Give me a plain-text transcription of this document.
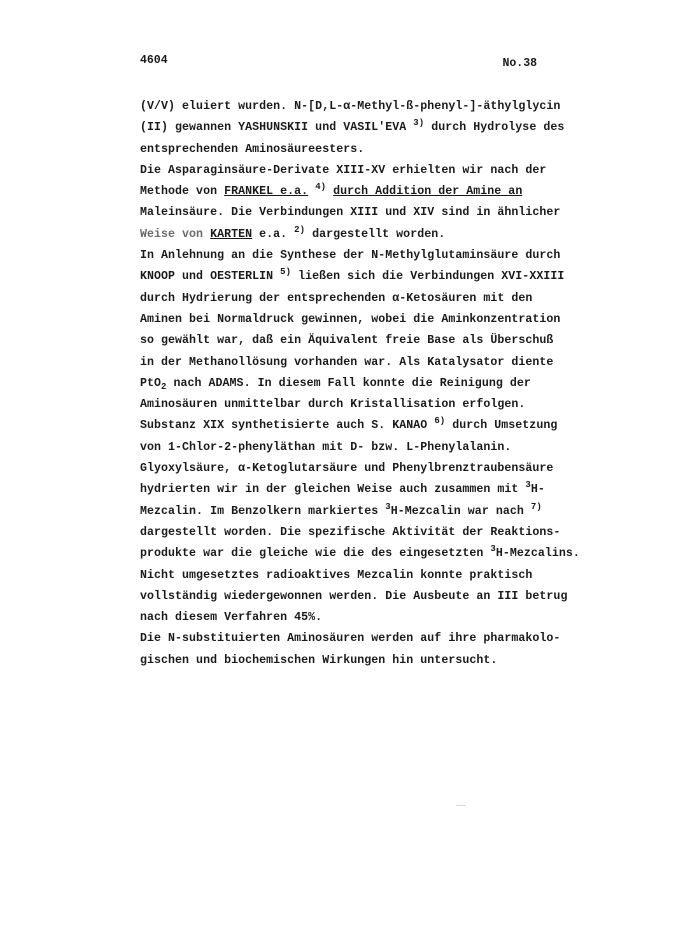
4604	No.38
(V/V) eluiert wurden. N-[D,L-α-Methyl-ß-phenyl-]-äthylglycin
(II) gewannen YASHUNSKII und VASIL'EVA $^{3)}$ durch Hydrolyse des
entsprechenden Aminosäureesters.
Die Asparaginsäure-Derivate XIII-XV erhielten wir nach der
Methode von FRANKEL e.a. $^{4)}$ durch Addition der Amine an
Maleinsäure. Die Verbindungen XIII und XIV sind in ähnlicher
Weise von KARTEN e.a. $^{2)}$ dargestellt worden.
In Anlehnung an die Synthese der N-Methylglutaminsäure durch
KNOOP und OESTERLIN $^{5)}$ ließen sich die Verbindungen XVI-XXIII
durch Hydrierung der entsprechenden α-Ketosäuren mit den
Aminen bei Normaldruck gewinnen, wobei die Aminkonzentration
so gewählt war, daß ein Äquivalent freie Base als Überschuß
in der Methanollösung vorhanden war. Als Katalysator diente
PtO$_2$ nach ADAMS. In diesem Fall konnte die Reinigung der
Aminosäuren unmittelbar durch Kristallisation erfolgen.
Substanz XIX synthetisierte auch S. KANAO $^{6)}$ durch Umsetzung
von 1-Chlor-2-phenyläthan mit D- bzw. L-Phenylalanin.
Glyoxylsäure, α-Ketoglutarsäure und Phenylbrenztraubensäure
hydrierten wir in der gleichen Weise auch zusammen mit $^3$H-
Mezcalin. Im Benzolkern markiertes $^3$H-Mezcalin war nach $^{7)}$
dargestellt worden. Die spezifische Aktivität der Reaktions-
produkte war die gleiche wie die des eingesetzten $^3$H-Mezcalins.
Nicht umgesetztes radioaktives Mezcalin konnte praktisch
vollständig wiedergewonnen werden. Die Ausbeute an III betrug
nach diesem Verfahren 45%.
Die N-substituierten Aminosäuren werden auf ihre pharmakolo-
gischen und biochemischen Wirkungen hin untersucht.
